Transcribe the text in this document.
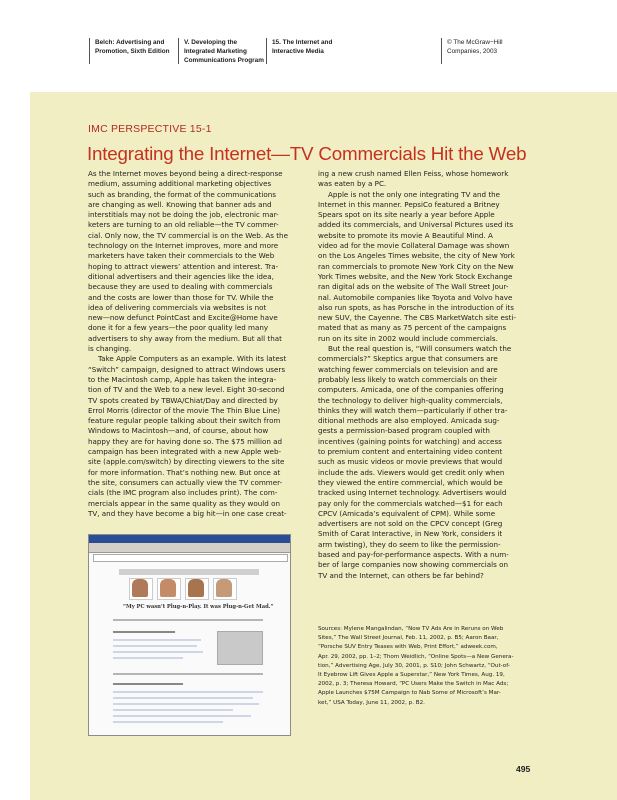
Belch: Advertising and
Promotion, Sixth Edition
V. Developing the
Integrated Marketing
Communications Program
15. The Internet and
Interactive Media
© The McGraw−Hill
Companies, 2003
IMC PERSPECTIVE 15-1
Integrating the Internet—TV Commercials Hit the Web

As the Internet moves beyond being a direct-response

medium, assuming additional marketing objectives

such as branding, the format of the communications

are changing as well. Knowing that banner ads and

interstitials may not be doing the job, electronic mar-

keters are turning to an old reliable—the TV commer-

cial. Only now, the TV commercial is on the Web. As the

technology on the Internet improves, more and more

marketers have taken their commercials to the Web

hoping to attract viewers’ attention and interest. Tra-

ditional advertisers and their agencies like the idea,

because they are used to dealing with commercials

and the costs are lower than those for TV. While the

idea of delivering commercials via websites is not

new—now defunct PointCast and Excite@Home have

done it for a few years—the poor quality led many

advertisers to shy away from the medium. But all that

is changing.

Take Apple Computers as an example. With its latest

“Switch” campaign, designed to attract Windows users

to the Macintosh camp, Apple has taken the integra-

tion of TV and the Web to a new level. Eight 30-second

TV spots created by TBWA/Chiat/Day and directed by

Errol Morris (director of the movie The Thin Blue Line)

feature regular people talking about their switch from

Windows to Macintosh—and, of course, about how

happy they are for having done so. The $75 million ad

campaign has been integrated with a new Apple web-

site (apple.com/switch) by directing viewers to the site

for more information. That’s nothing new. But once at

the site, consumers can actually view the TV commer-

cials (the IMC program also includes print). The com-

mercials appear in the same quality as they would on

TV, and they have become a big hit—in one case creat-

ing a new crush named Ellen Feiss, whose homework

was eaten by a PC.

Apple is not the only one integrating TV and the

Internet in this manner. PepsiCo featured a Britney

Spears spot on its site nearly a year before Apple

added its commercials, and Universal Pictures used its

website to promote its movie A Beautiful Mind. A

video ad for the movie Collateral Damage was shown

on the Los Angeles Times website, the city of New York

ran commercials to promote New York City on the New

York Times website, and the New York Stock Exchange

ran digital ads on the website of The Wall Street Jour-

nal. Automobile companies like Toyota and Volvo have

also run spots, as has Porsche in the introduction of its

new SUV, the Cayenne. The CBS MarketWatch site esti-

mated that as many as 75 percent of the campaigns

run on its site in 2002 would include commercials.

But the real question is, “Will consumers watch the

commercials?” Skeptics argue that consumers are

watching fewer commercials on television and are

probably less likely to watch commercials on their

computers. Amicada, one of the companies offering

the technology to deliver high-quality commercials,

thinks they will watch them—particularly if other tra-

ditional methods are also employed. Amicada sug-

gests a permission-based program coupled with

incentives (gaining points for watching) and access

to premium content and entertaining video content

such as music videos or movie previews that would

include the ads. Viewers would get credit only when

they viewed the entire commercial, which would be

tracked using Internet technology. Advertisers would

pay only for the commercials watched—$1 for each

CPCV (Amicada’s equivalent of CPM). While some

advertisers are not sold on the CPCV concept (Greg

Smith of Carat Interactive, in New York, considers it

arm twisting), they do seem to like the permission-

based and pay-for-performance aspects. With a num-

ber of large companies now showing commercials on

TV and the Internet, can others be far behind?

Sources: Mylene Mangalindan, “Now TV Ads Are in Reruns on Web

Sites,” The Wall Street Journal, Feb. 11, 2002, p. B5; Aaron Baar,

“Porsche SUV Entry Teases with Web, Print Effort,” adweek.com,

Apr. 29, 2002, pp. 1–2; Thom Weidlich, “Online Spots—a New Genera-

tion,” Advertising Age, July 30, 2001, p. S10; John Schwartz, “Out-of-

It Eyebrow Lift Gives Apple a Superstar,” New York Times, Aug. 19,

2002, p. 3; Theresa Howard, “PC Users Make the Switch in Mac Ads;

Apple Launches $75M Campaign to Nab Some of Microsoft’s Mar-

ket,” USA Today, June 11, 2002, p. B2.

“My PC wasn’t Plug-n-Play. It was Plug-n-Get Mad.”
495
